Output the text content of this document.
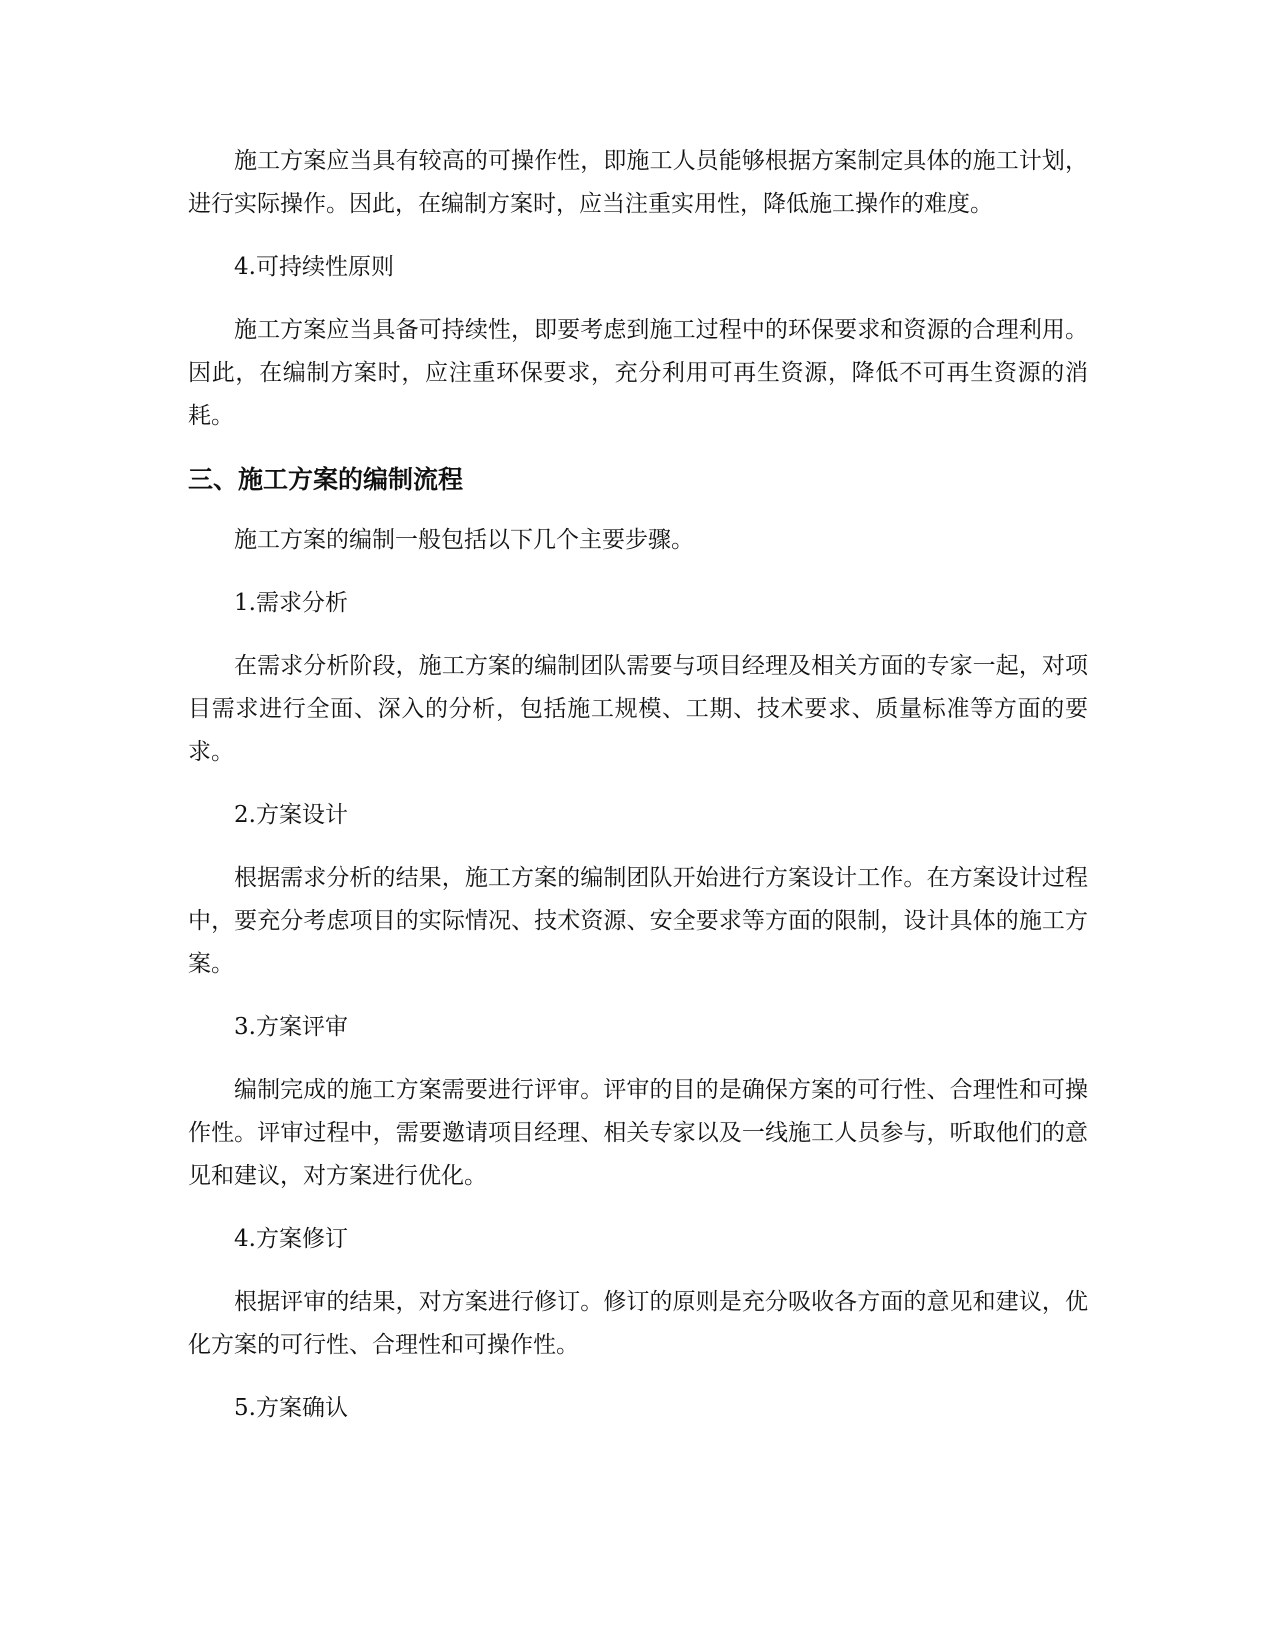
施工方案应当具有较高的可操作性，即施工人员能够根据方案制定具体的施工计划，进行实际操作。因此，在编制方案时，应当注重实用性，降低施工操作的难度。

4.可持续性原则

施工方案应当具备可持续性，即要考虑到施工过程中的环保要求和资源的合理利用。因此，在编制方案时，应注重环保要求，充分利用可再生资源，降低不可再生资源的消耗。

三、施工方案的编制流程

施工方案的编制一般包括以下几个主要步骤。

1.需求分析

在需求分析阶段，施工方案的编制团队需要与项目经理及相关方面的专家一起，对项目需求进行全面、深入的分析，包括施工规模、工期、技术要求、质量标准等方面的要求。

2.方案设计

根据需求分析的结果，施工方案的编制团队开始进行方案设计工作。在方案设计过程中，要充分考虑项目的实际情况、技术资源、安全要求等方面的限制，设计具体的施工方案。

3.方案评审

编制完成的施工方案需要进行评审。评审的目的是确保方案的可行性、合理性和可操作性。评审过程中，需要邀请项目经理、相关专家以及一线施工人员参与，听取他们的意见和建议，对方案进行优化。

4.方案修订

根据评审的结果，对方案进行修订。修订的原则是充分吸收各方面的意见和建议，优化方案的可行性、合理性和可操作性。

5.方案确认
